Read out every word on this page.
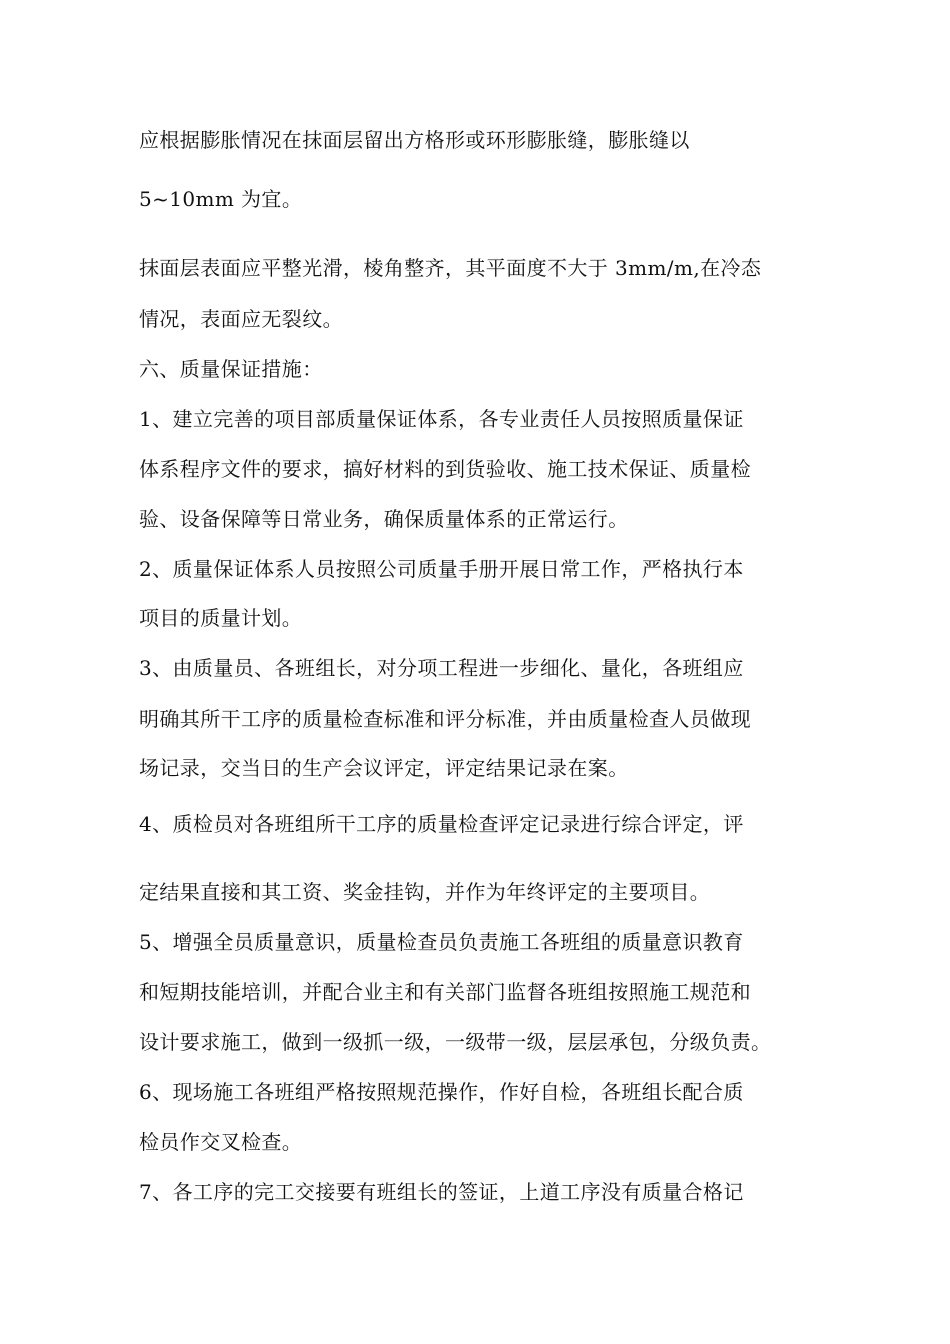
应根据膨胀情况在抹面层留出方格形或环形膨胀缝，膨胀缝以
5~10mm 为宜。
抹面层表面应平整光滑，棱角整齐，其平面度不大于 3mm/m,在冷态
情况，表面应无裂纹。
六、质量保证措施：
1、建立完善的项目部质量保证体系，各专业责任人员按照质量保证
体系程序文件的要求，搞好材料的到货验收、施工技术保证、质量检
验、设备保障等日常业务，确保质量体系的正常运行。
2、质量保证体系人员按照公司质量手册开展日常工作，严格执行本
项目的质量计划。
3、由质量员、各班组长，对分项工程进一步细化、量化，各班组应
明确其所干工序的质量检查标准和评分标准，并由质量检查人员做现
场记录，交当日的生产会议评定，评定结果记录在案。
4、质检员对各班组所干工序的质量检查评定记录进行综合评定，评
定结果直接和其工资、奖金挂钩，并作为年终评定的主要项目。
5、增强全员质量意识，质量检查员负责施工各班组的质量意识教育
和短期技能培训，并配合业主和有关部门监督各班组按照施工规范和
设计要求施工，做到一级抓一级，一级带一级，层层承包，分级负责。
6、现场施工各班组严格按照规范操作，作好自检，各班组长配合质
检员作交叉检查。
7、各工序的完工交接要有班组长的签证，上道工序没有质量合格记
